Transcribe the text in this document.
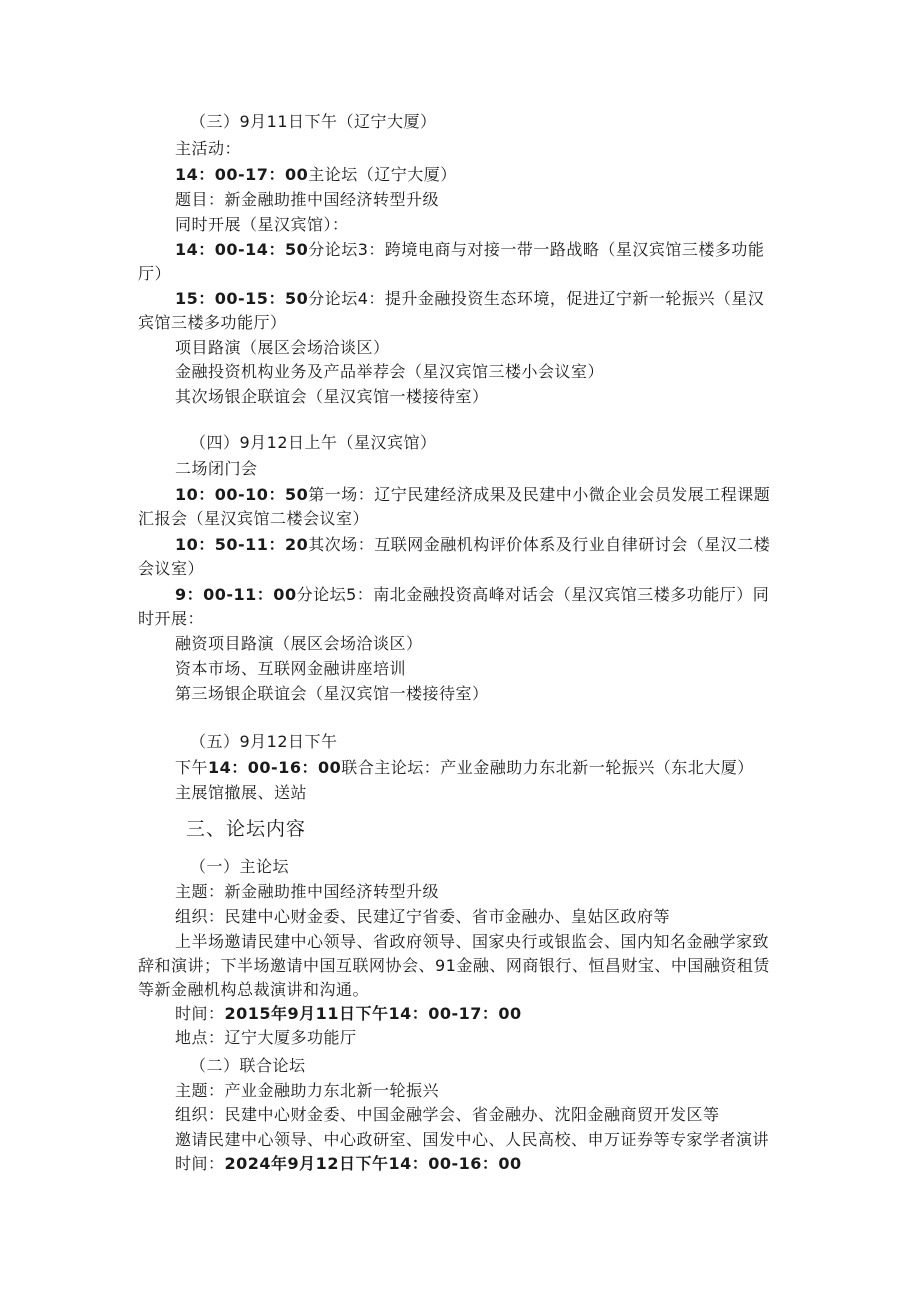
（三）9月11日下午（辽宁大厦）
主活动：
14：00-17：00主论坛（辽宁大厦）
题目：新金融助推中国经济转型升级
同时开展（星汉宾馆）：
14：00-14：50分论坛3：跨境电商与对接一带一路战略（星汉宾馆三楼多功能
厅）
15：00-15：50分论坛4：提升金融投资生态环境，促进辽宁新一轮振兴（星汉
宾馆三楼多功能厅）
项目路演（展区会场洽谈区）
金融投资机构业务及产品举荐会（星汉宾馆三楼小会议室）
其次场银企联谊会（星汉宾馆一楼接待室）
（四）9月12日上午（星汉宾馆）
二场闭门会
10：00-10：50第一场：辽宁民建经济成果及民建中小微企业会员发展工程课题
汇报会（星汉宾馆二楼会议室）
10：50-11：20其次场：互联网金融机构评价体系及行业自律研讨会（星汉二楼
会议室）
9：00-11：00分论坛5：南北金融投资高峰对话会（星汉宾馆三楼多功能厅）同
时开展：
融资项目路演（展区会场洽谈区）
资本市场、互联网金融讲座培训
第三场银企联谊会（星汉宾馆一楼接待室）
（五）9月12日下午
下午14：00-16：00联合主论坛：产业金融助力东北新一轮振兴（东北大厦）
主展馆撤展、送站
三、论坛内容
（一）主论坛
主题：新金融助推中国经济转型升级
组织：民建中心财金委、民建辽宁省委、省市金融办、皇姑区政府等
上半场邀请民建中心领导、省政府领导、国家央行或银监会、国内知名金融学家致
辞和演讲；下半场邀请中国互联网协会、91金融、网商银行、恒昌财宝、中国融资租赁
等新金融机构总裁演讲和沟通。
时间：2015年9月11日下午14：00-17：00
地点：辽宁大厦多功能厅
（二）联合论坛
主题：产业金融助力东北新一轮振兴
组织：民建中心财金委、中国金融学会、省金融办、沈阳金融商贸开发区等
邀请民建中心领导、中心政研室、国发中心、人民高校、申万证券等专家学者演讲
时间：2024年9月12日下午14：00-16：00
